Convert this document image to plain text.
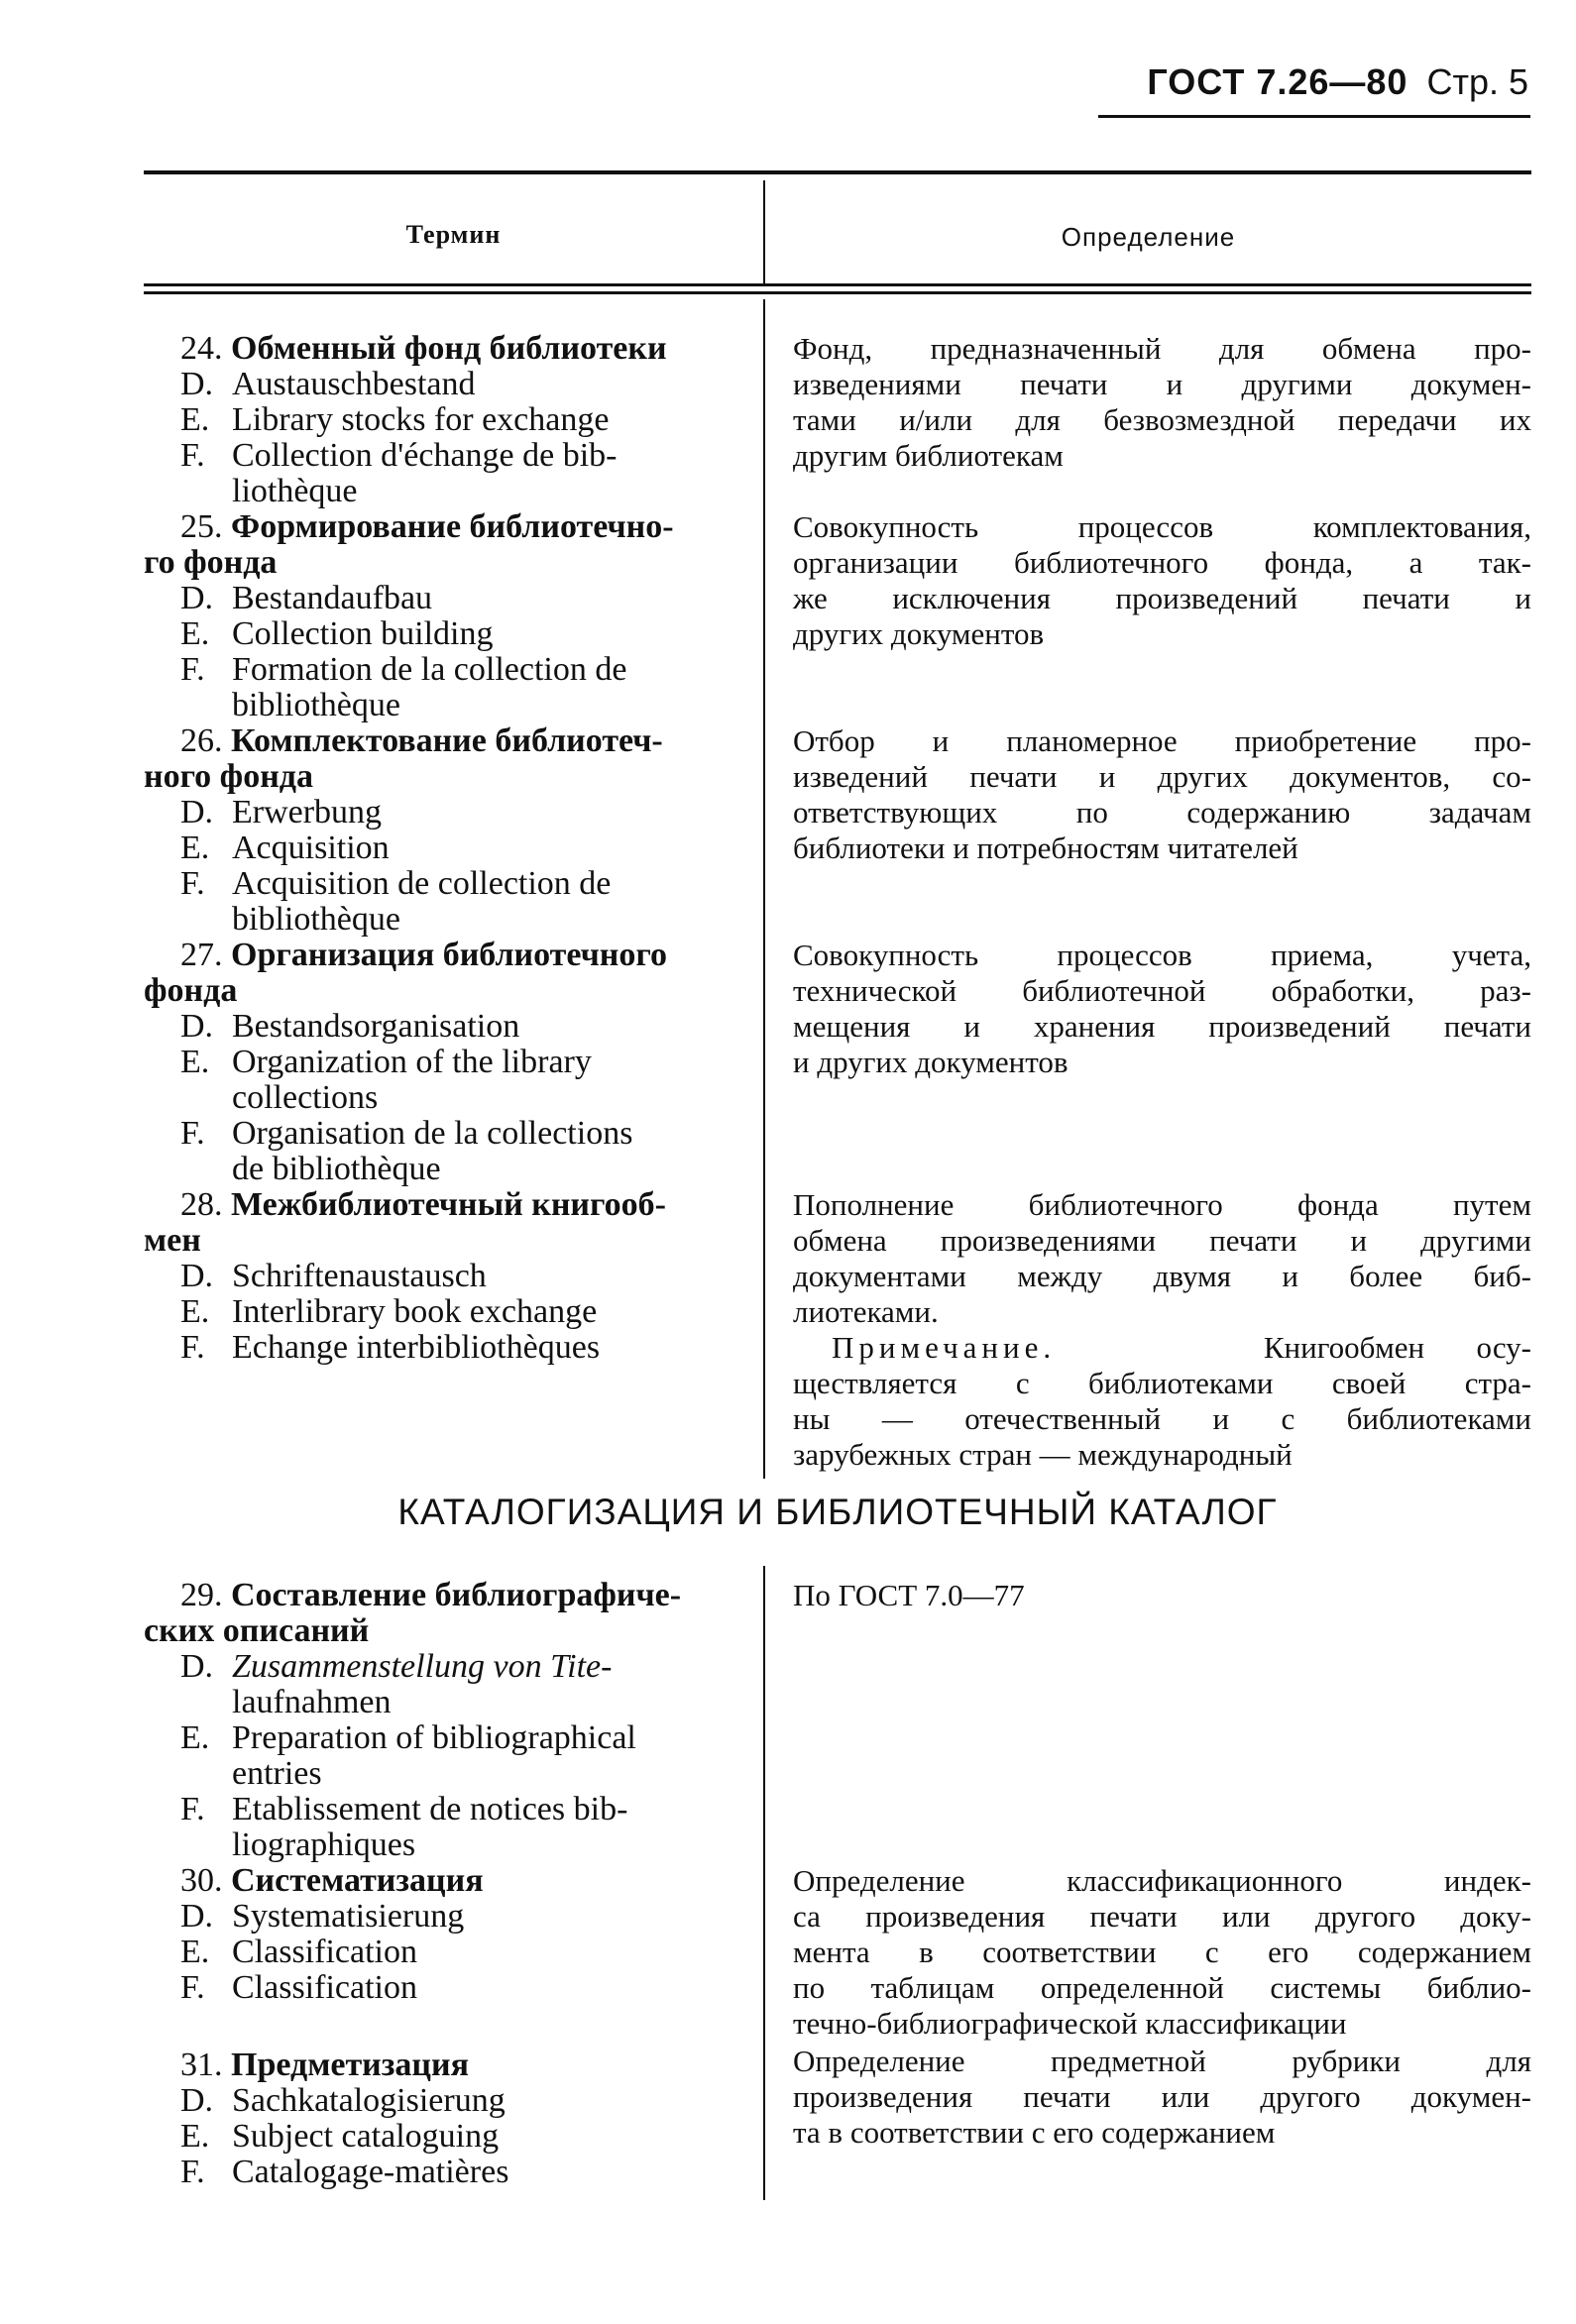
ГОСТ 7.26—80 Стр. 5
Термин	Определение
24. Обменный фонд библиотеки
D. Austauschbestand
E. Library stocks for exchange
F. Collection d'échange de bib-
liothèque
Фонд, предназначенный для обмена про-
изведениями печати и другими докумен-
тами и/или для безвозмездной передачи их
другим библиотекам
25. Формирование библиотечно-
го фонда
D. Bestandaufbau
E. Collection building
F. Formation de la collection de
bibliothèque
Совокупность процессов комплектования,
организации библиотечного фонда, а так-
же исключения произведений печати и
других документов
26. Комплектование библиотеч-
ного фонда
D. Erwerbung
E. Acquisition
F. Acquisition de collection de
bibliothèque
Отбор и планомерное приобретение про-
изведений печати и других документов, со-
ответствующих по содержанию задачам
библиотеки и потребностям читателей
27. Организация библиотечного
фонда
D. Bestandsorganisation
E. Organization of the library
collections
F. Organisation de la collections
de bibliothèque
Совокупность процессов приема, учета,
технической библиотечной обработки, раз-
мещения и хранения произведений печати
и других документов
28. Межбиблиотечный книгооб-
мен
D. Schriftenaustausch
E. Interlibrary book exchange
F. Echange interbibliothèques
Пополнение библиотечного фонда путем
обмена произведениями печати и другими
документами между двумя и более биб-
лиотеками.
Примечание.	Книгообмен осу-
ществляется с библиотеками своей стра-
ны — отечественный и с библиотеками
зарубежных стран — международный
КАТАЛОГИЗАЦИЯ И БИБЛИОТЕЧНЫЙ КАТАЛОГ
29. Составление библиографиче-
ских описаний
D. Zusammenstellung von Tite-
laufnahmen
E. Preparation of bibliographical
entries
F. Etablissement de notices bib-
liographiques
По ГОСТ 7.0—77
30. Систематизация
D. Systematisierung
E. Classification
F. Classification
Определение классификационного индек-
са произведения печати или другого доку-
мента в соответствии с его содержанием
по таблицам определенной системы библио-
течно-библиографической классификации
31. Предметизация
D. Sachkatalogisierung
E. Subject cataloguing
F. Catalogage-matières
Определение предметной рубрики для
произведения печати или другого докумен-
та в соответствии с его содержанием
